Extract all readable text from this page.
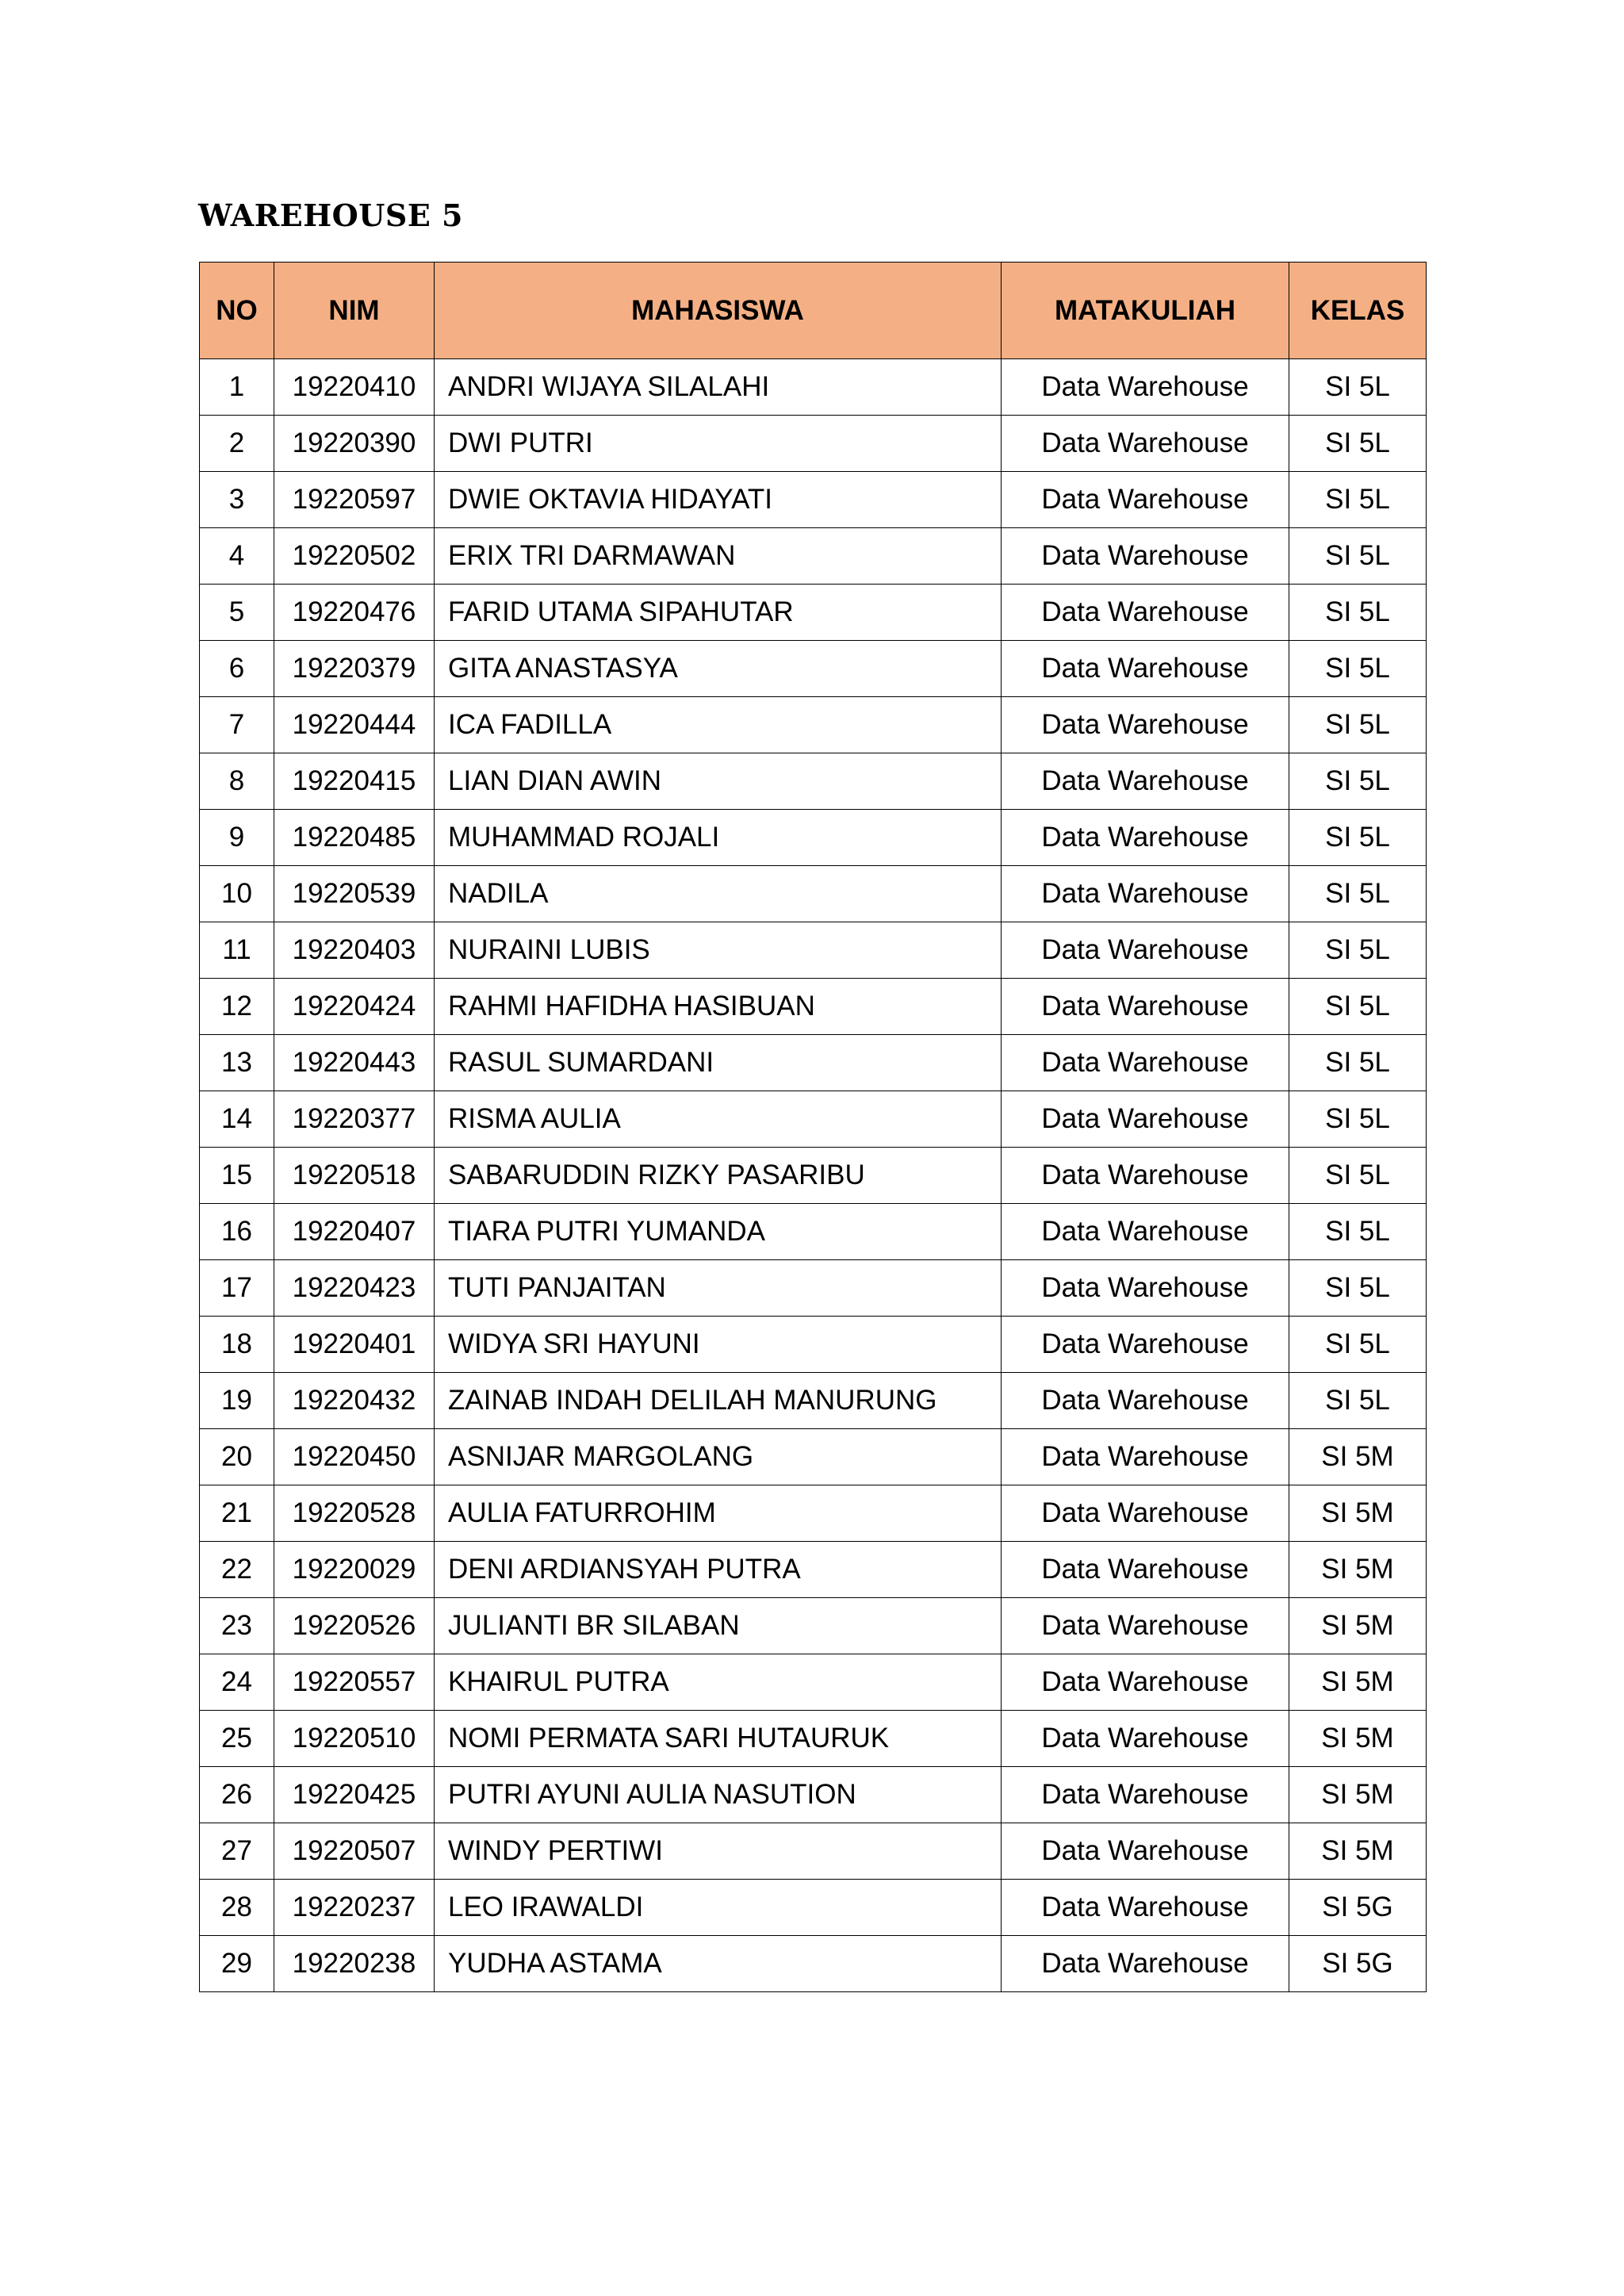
WAREHOUSE 5
NO	NIM	MAHASISWA	MATAKULIAH	KELAS
1	19220410	ANDRI WIJAYA SILALAHI	Data Warehouse	SI 5L
2	19220390	DWI PUTRI	Data Warehouse	SI 5L
3	19220597	DWIE OKTAVIA HIDAYATI	Data Warehouse	SI 5L
4	19220502	ERIX TRI DARMAWAN	Data Warehouse	SI 5L
5	19220476	FARID UTAMA SIPAHUTAR	Data Warehouse	SI 5L
6	19220379	GITA ANASTASYA	Data Warehouse	SI 5L
7	19220444	ICA FADILLA	Data Warehouse	SI 5L
8	19220415	LIAN DIAN AWIN	Data Warehouse	SI 5L
9	19220485	MUHAMMAD ROJALI	Data Warehouse	SI 5L
10	19220539	NADILA	Data Warehouse	SI 5L
11	19220403	NURAINI LUBIS	Data Warehouse	SI 5L
12	19220424	RAHMI HAFIDHA HASIBUAN	Data Warehouse	SI 5L
13	19220443	RASUL SUMARDANI	Data Warehouse	SI 5L
14	19220377	RISMA AULIA	Data Warehouse	SI 5L
15	19220518	SABARUDDIN RIZKY PASARIBU	Data Warehouse	SI 5L
16	19220407	TIARA PUTRI YUMANDA	Data Warehouse	SI 5L
17	19220423	TUTI PANJAITAN	Data Warehouse	SI 5L
18	19220401	WIDYA SRI HAYUNI	Data Warehouse	SI 5L
19	19220432	ZAINAB INDAH DELILAH MANURUNG	Data Warehouse	SI 5L
20	19220450	ASNIJAR MARGOLANG	Data Warehouse	SI 5M
21	19220528	AULIA FATURROHIM	Data Warehouse	SI 5M
22	19220029	DENI ARDIANSYAH PUTRA	Data Warehouse	SI 5M
23	19220526	JULIANTI BR SILABAN	Data Warehouse	SI 5M
24	19220557	KHAIRUL PUTRA	Data Warehouse	SI 5M
25	19220510	NOMI PERMATA SARI HUTAURUK	Data Warehouse	SI 5M
26	19220425	PUTRI AYUNI AULIA NASUTION	Data Warehouse	SI 5M
27	19220507	WINDY PERTIWI	Data Warehouse	SI 5M
28	19220237	LEO IRAWALDI	Data Warehouse	SI 5G
29	19220238	YUDHA ASTAMA	Data Warehouse	SI 5G
